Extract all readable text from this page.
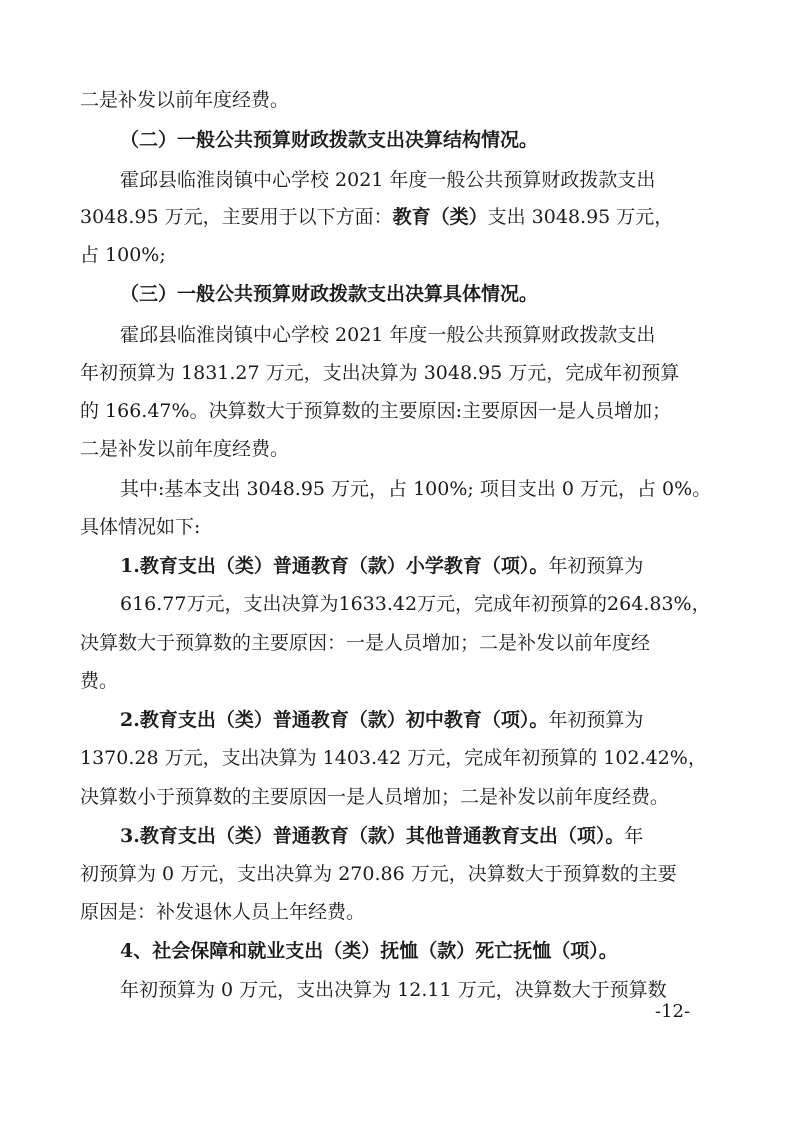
二是补发以前年度经费。
（二）一般公共预算财政拨款支出决算结构情况。
霍邱县临淮岗镇中心学校 2021 年度一般公共预算财政拨款支出
3048.95 万元，主要用于以下方面：教育（类）支出 3048.95 万元，
占 100%;
（三）一般公共预算财政拨款支出决算具体情况。
霍邱县临淮岗镇中心学校 2021 年度一般公共预算财政拨款支出
年初预算为 1831.27 万元，支出决算为 3048.95 万元，完成年初预算
的 166.47%。决算数大于预算数的主要原因:主要原因一是人员增加；
二是补发以前年度经费。
其中:基本支出 3048.95 万元，占 100%; 项目支出 0 万元，占 0%。
具体情况如下:
1.教育支出（类）普通教育（款）小学教育（项）。年初预算为
616.77万元，支出决算为1633.42万元，完成年初预算的264.83%，
决算数大于预算数的主要原因：一是人员增加；二是补发以前年度经
费。
2.教育支出（类）普通教育（款）初中教育（项）。年初预算为
1370.28 万元，支出决算为 1403.42 万元，完成年初预算的 102.42%，
决算数小于预算数的主要原因一是人员增加；二是补发以前年度经费。
3.教育支出（类）普通教育（款）其他普通教育支出（项）。年
初预算为 0 万元，支出决算为 270.86 万元，决算数大于预算数的主要
原因是：补发退休人员上年经费。
4、社会保障和就业支出（类）抚恤（款）死亡抚恤（项）。
年初预算为 0 万元，支出决算为 12.11 万元，决算数大于预算数
-12-
